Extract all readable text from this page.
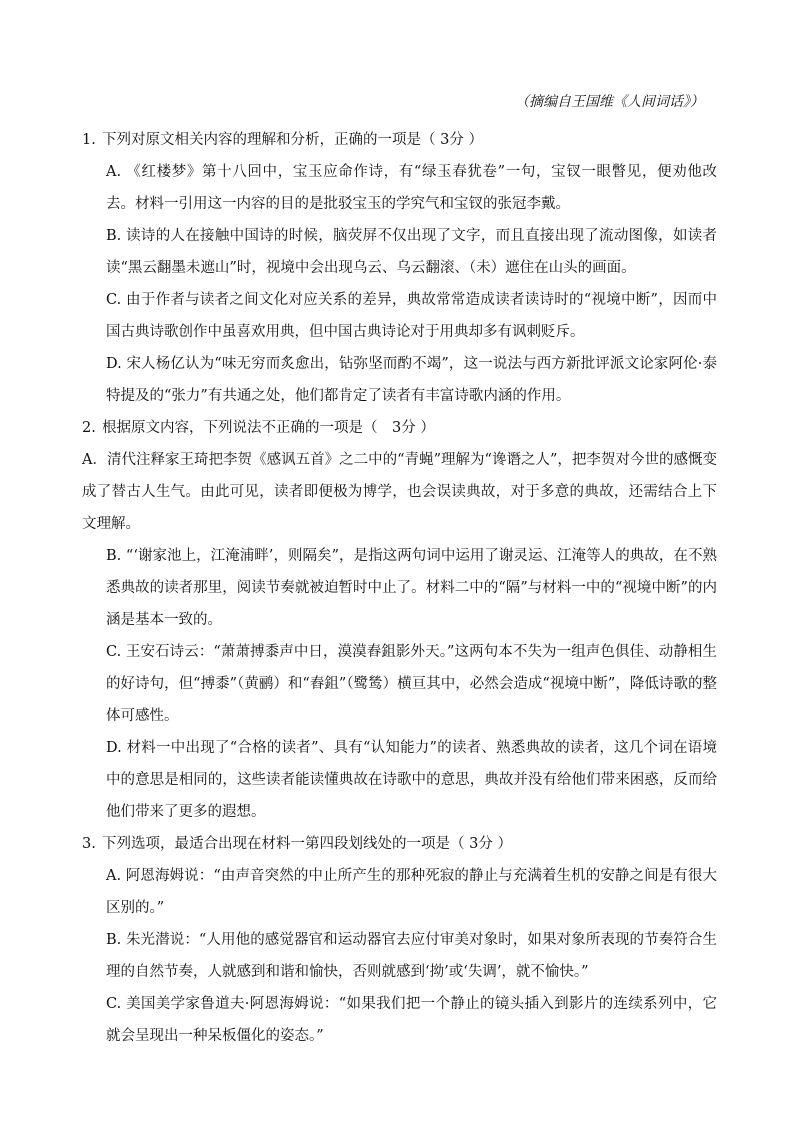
（摘编自王国维《人间词话》）

1. 下列对原文相关内容的理解和分析，正确的一项是（ 3分 ）

A. 《红楼梦》第十八回中，宝玉应命作诗，有“绿玉春犹卷”一句，宝钗一眼瞥见，便劝他改去。材料一引用这一内容的目的是批驳宝玉的学究气和宝钗的张冠李戴。

B. 读诗的人在接触中国诗的时候，脑荧屏不仅出现了文字，而且直接出现了流动图像，如读者读“黑云翻墨未遮山”时，视境中会出现乌云、乌云翻滚、（未）遮住在山头的画面。

C. 由于作者与读者之间文化对应关系的差异，典故常常造成读者读诗时的“视境中断”，因而中国古典诗歌创作中虽喜欢用典，但中国古典诗论对于用典却多有讽刺贬斥。

D. 宋人杨亿认为“味无穷而炙愈出，钻弥坚而酌不竭”，这一说法与西方新批评派文论家阿伦·泰特提及的“张力”有共通之处，他们都肯定了读者有丰富诗歌内涵的作用。

2. 根据原文内容，下列说法不正确的一项是（　3分 ）

A．清代注释家王琦把李贺《感讽五首》之二中的“青蝇”理解为“谗谮之人”，把李贺对今世的感慨变成了替古人生气。由此可见，读者即便极为博学，也会误读典故，对于多意的典故，还需结合上下文理解。

B. “‘谢家池上，江淹浦畔’，则隔矣”，是指这两句词中运用了谢灵运、江淹等人的典故，在不熟悉典故的读者那里，阅读节奏就被迫暂时中止了。材料二中的“隔”与材料一中的“视境中断”的内涵是基本一致的。

C. 王安石诗云：“萧萧搏黍声中日，漠漠舂鉏影外天。”这两句本不失为一组声色俱佳、动静相生的好诗句，但“搏黍”（黄鹂）和“舂鉏”（鹭鸶）横亘其中，必然会造成“视境中断”，降低诗歌的整体可感性。

D. 材料一中出现了“合格的读者”、具有“认知能力”的读者、熟悉典故的读者，这几个词在语境中的意思是相同的，这些读者能读懂典故在诗歌中的意思，典故并没有给他们带来困惑，反而给他们带来了更多的遐想。

3. 下列选项，最适合出现在材料一第四段划线处的一项是（ 3分 ）

A. 阿恩海姆说：“由声音突然的中止所产生的那种死寂的静止与充满着生机的安静之间是有很大区别的。”

B. 朱光潜说：“人用他的感觉器官和运动器官去应付审美对象时，如果对象所表现的节奏符合生理的自然节奏，人就感到和谐和愉快，否则就感到‘拗’或‘失调’，就不愉快。”

C. 美国美学家鲁道夫·阿恩海姆说：“如果我们把一个静止的镜头插入到影片的连续系列中，它就会呈现出一种呆板僵化的姿态。”
